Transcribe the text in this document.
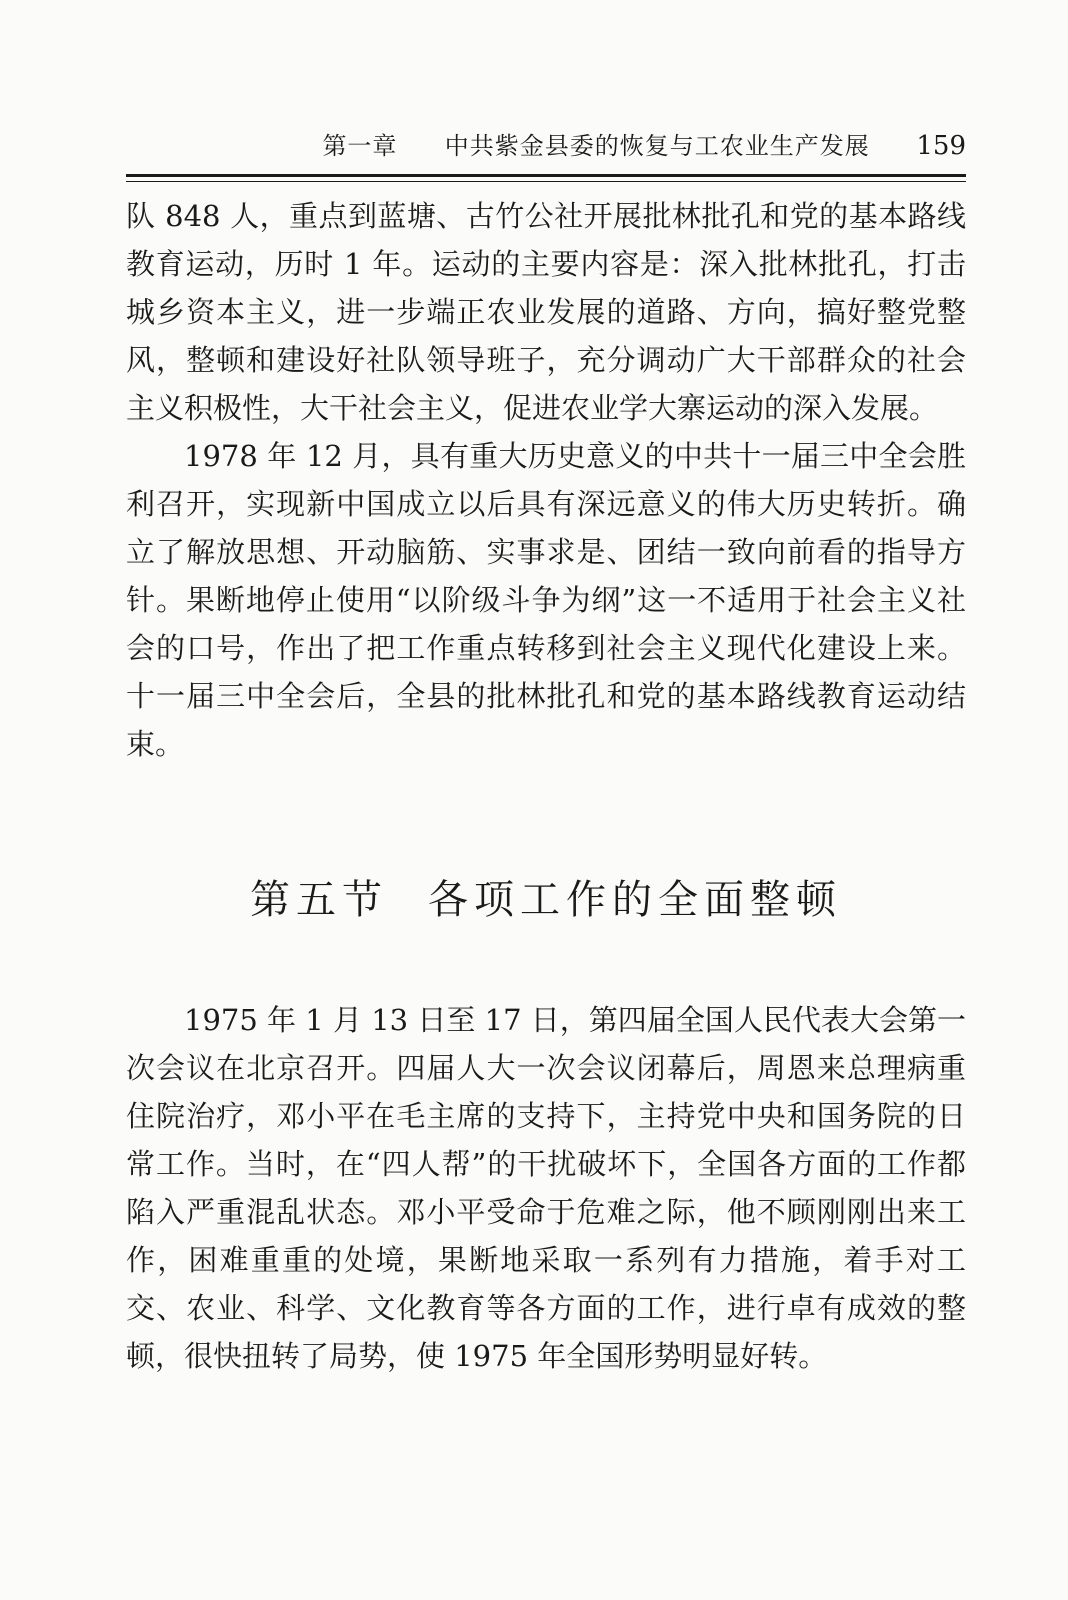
第一章 中共紫金县委的恢复与工农业生产发展 159

队 848 人，重点到蓝塘、古竹公社开展批林批孔和党的基本路线教育运动，历时 1 年。运动的主要内容是：深入批林批孔，打击城乡资本主义，进一步端正农业发展的道路、方向，搞好整党整风，整顿和建设好社队领导班子，充分调动广大干部群众的社会主义积极性，大干社会主义，促进农业学大寨运动的深入发展。

1978 年 12 月，具有重大历史意义的中共十一届三中全会胜利召开，实现新中国成立以后具有深远意义的伟大历史转折。确立了解放思想、开动脑筋、实事求是、团结一致向前看的指导方针。果断地停止使用“以阶级斗争为纲”这一不适用于社会主义社会的口号，作出了把工作重点转移到社会主义现代化建设上来。十一届三中全会后，全县的批林批孔和党的基本路线教育运动结束。

第五节 各项工作的全面整顿

1975 年 1 月 13 日至 17 日，第四届全国人民代表大会第一次会议在北京召开。四届人大一次会议闭幕后，周恩来总理病重住院治疗，邓小平在毛主席的支持下，主持党中央和国务院的日常工作。当时，在“四人帮”的干扰破坏下，全国各方面的工作都陷入严重混乱状态。邓小平受命于危难之际，他不顾刚刚出来工作，困难重重的处境，果断地采取一系列有力措施，着手对工交、农业、科学、文化教育等各方面的工作，进行卓有成效的整顿，很快扭转了局势，使 1975 年全国形势明显好转。
